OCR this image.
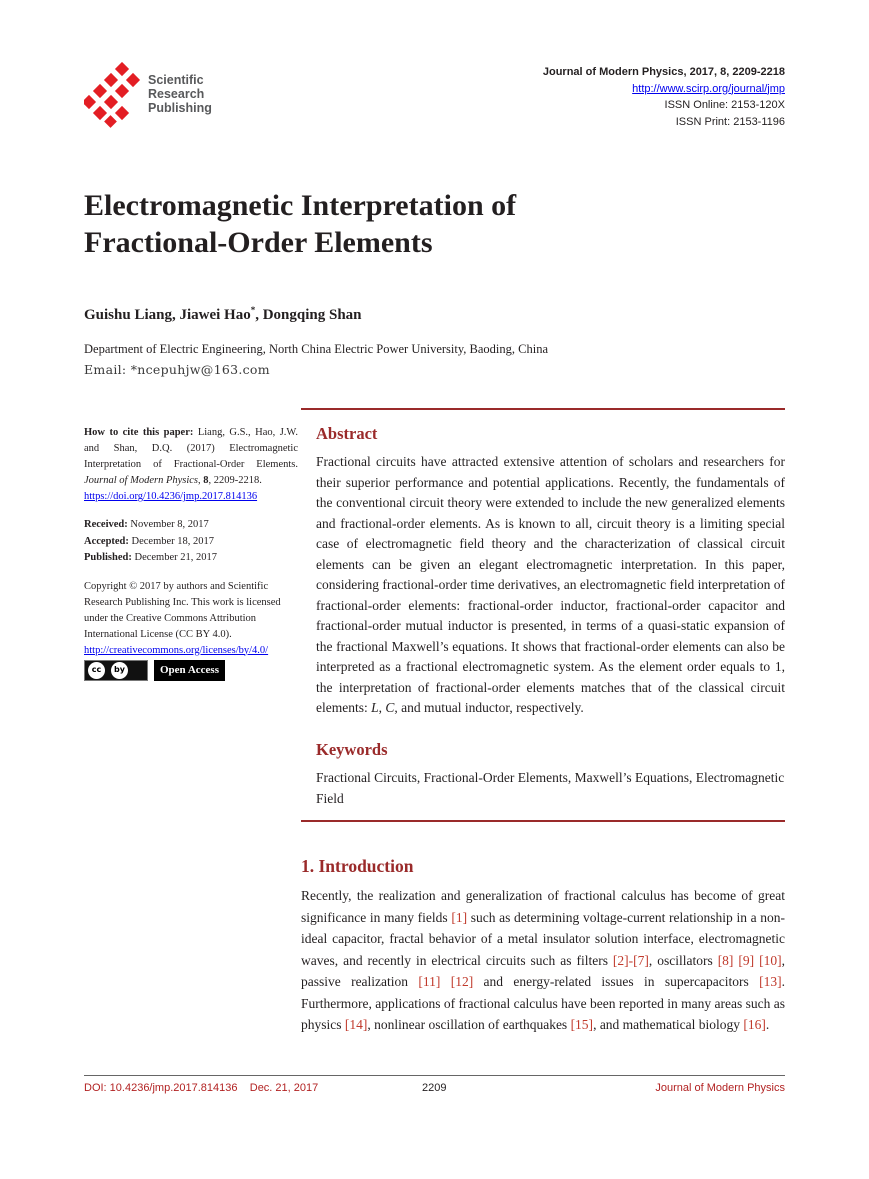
Scientific
Research
Publishing
Journal of Modern Physics, 2017, 8, 2209-2218
http://www.scirp.org/journal/jmp
ISSN Online: 2153-120X
ISSN Print: 2153-1196
Electromagnetic Interpretation of
Fractional-Order Elements
Guishu Liang, Jiawei Hao*, Dongqing Shan
Department of Electric Engineering, North China Electric Power University, Baoding, China
Email: *ncepuhjw@163.com

How to cite this paper: Liang, G.S., Hao, J.W. and Shan, D.Q. (2017) Electromagnetic Interpretation of Fractional-Order Elements. Journal of Modern Physics, 8, 2209-2218.
https://doi.org/10.4236/jmp.2017.814136

Received: November 8, 2017
Accepted: December 18, 2017
Published: December 21, 2017

Copyright © 2017 by authors and Scientific Research Publishing Inc. This work is licensed under the Creative Commons Attribution International License (CC BY 4.0).
http://creativecommons.org/licenses/by/4.0/

cc	by	Open Access
Abstract

Fractional circuits have attracted extensive attention of scholars and researchers for their superior performance and potential applications. Recently, the fundamentals of the conventional circuit theory were extended to include the new generalized elements and fractional-order elements. As is known to all, circuit theory is a limiting special case of electromagnetic field theory and the characterization of classical circuit elements can be given an elegant electromagnetic interpretation. In this paper, considering fractional-order time derivatives, an electromagnetic field interpretation of fractional-order elements: fractional-order inductor, fractional-order capacitor and fractional-order mutual inductor is presented, in terms of a quasi-static expansion of the fractional Maxwell’s equations. It shows that fractional-order elements can also be interpreted as a fractional electromagnetic system. As the element order equals to 1, the interpretation of fractional-order elements matches that of the classical circuit elements: L, C, and mutual inductor, respectively.

Keywords

Fractional Circuits, Fractional-Order Elements, Maxwell’s Equations, Electromagnetic Field

1. Introduction

Recently, the realization and generalization of fractional calculus has become of great significance in many fields [1] such as determining voltage-current relationship in a non-ideal capacitor, fractal behavior of a metal insulator solution interface, electromagnetic waves, and recently in electrical circuits such as filters [2]-[7], oscillators [8] [9] [10], passive realization [11] [12] and energy-related issues in supercapacitors [13]. Furthermore, applications of fractional calculus have been reported in many areas such as physics [14], nonlinear oscillation of earthquakes [15], and mathematical biology [16].

DOI: 10.4236/jmp.2017.814136 Dec. 21, 2017	2209	Journal of Modern Physics
